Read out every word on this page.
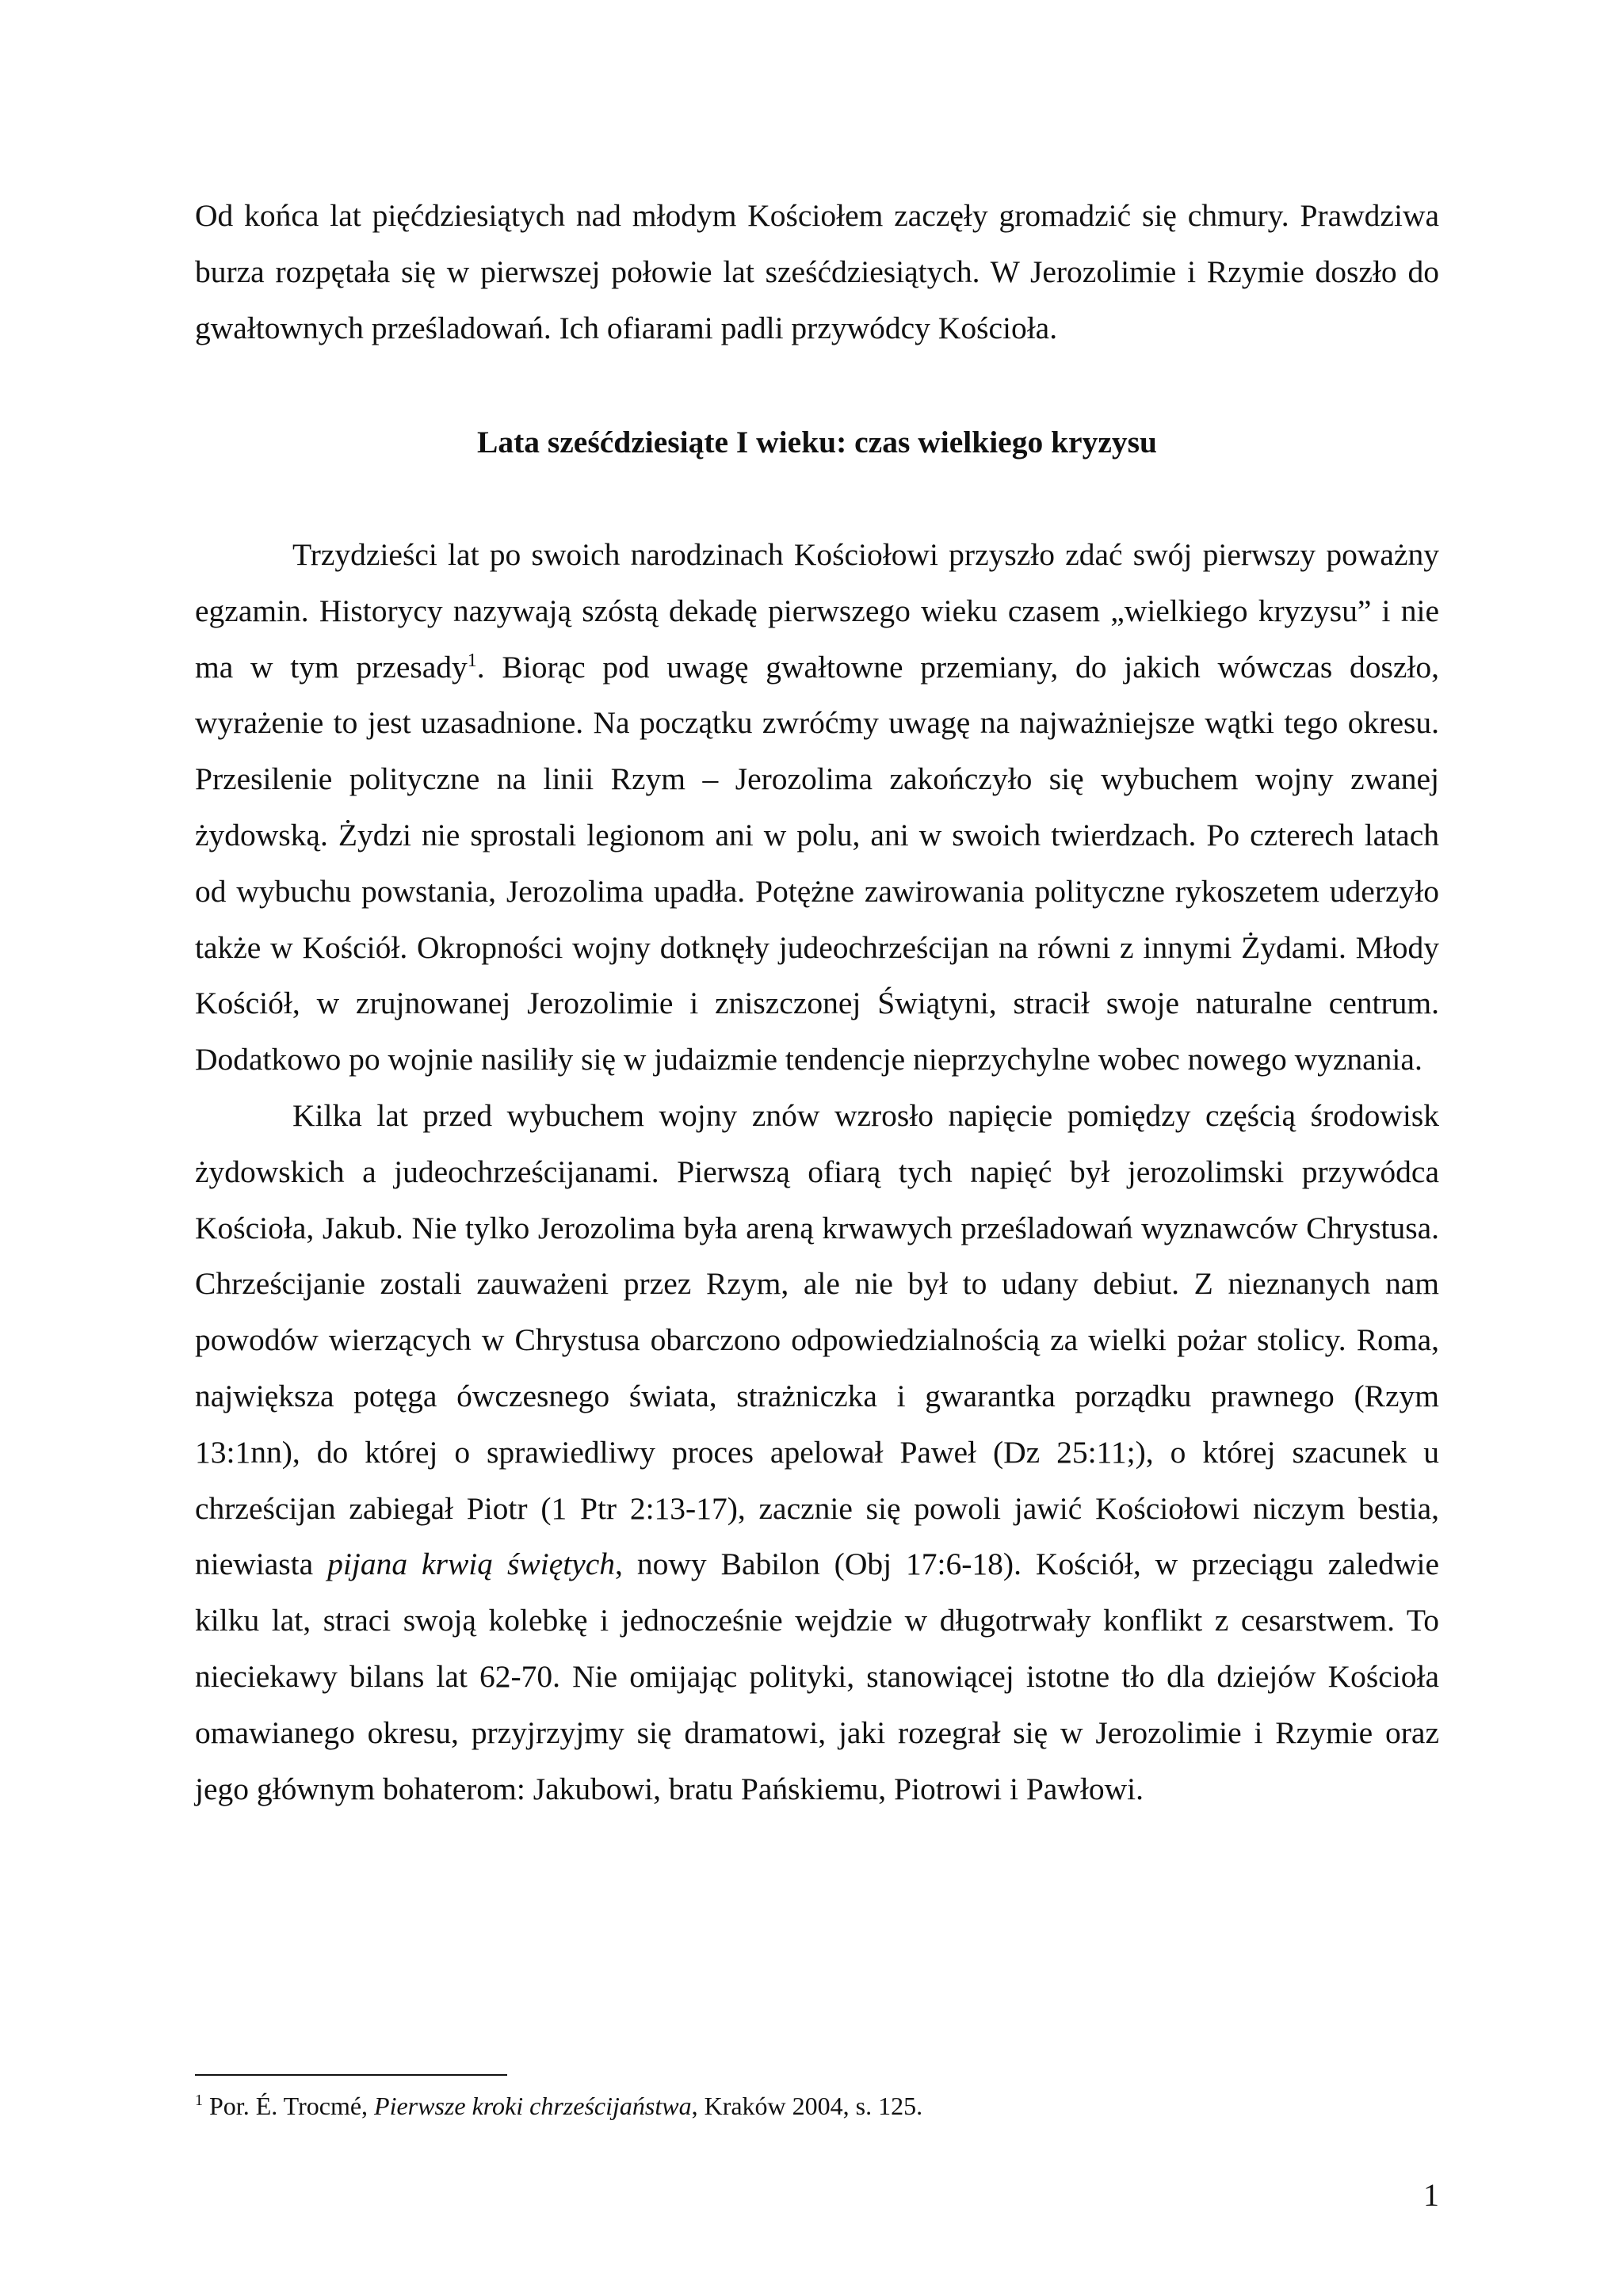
Od końca lat pięćdziesiątych nad młodym Kościołem zaczęły gromadzić się chmury. Prawdziwa burza rozpętała się w pierwszej połowie lat sześćdziesiątych. W Jerozolimie i Rzymie doszło do gwałtownych prześladowań. Ich ofiarami padli przywódcy Kościoła.

Lata sześćdziesiąte I wieku: czas wielkiego kryzysu

Trzydzieści lat po swoich narodzinach Kościołowi przyszło zdać swój pierwszy poważny egzamin. Historycy nazywają szóstą dekadę pierwszego wieku czasem „wielkiego kryzysu” i nie ma w tym przesady$^1$. Biorąc pod uwagę gwałtowne przemiany, do jakich wówczas doszło, wyrażenie to jest uzasadnione. Na początku zwróćmy uwagę na najważniejsze wątki tego okresu. Przesilenie polityczne na linii Rzym – Jerozolima zakończyło się wybuchem wojny zwanej żydowską. Żydzi nie sprostali legionom ani w polu, ani w swoich twierdzach. Po czterech latach od wybuchu powstania, Jerozolima upadła. Potężne zawirowania polityczne rykoszetem uderzyło także w Kościół. Okropności wojny dotknęły judeochrześcijan na równi z innymi Żydami. Młody Kościół, w zrujnowanej Jerozolimie i zniszczonej Świątyni, stracił swoje naturalne centrum. Dodatkowo po wojnie nasiliły się w judaizmie tendencje nieprzychylne wobec nowego wyznania.

Kilka lat przed wybuchem wojny znów wzrosło napięcie pomiędzy częścią środowisk żydowskich a judeochrześcijanami. Pierwszą ofiarą tych napięć był jerozolimski przywódca Kościoła, Jakub. Nie tylko Jerozolima była areną krwawych prześladowań wyznawców Chrystusa. Chrześcijanie zostali zauważeni przez Rzym, ale nie był to udany debiut. Z nieznanych nam powodów wierzących w Chrystusa obarczono odpowiedzialnością za wielki pożar stolicy. Roma, największa potęga ówczesnego świata, strażniczka i gwarantka porządku prawnego (Rzym 13:1nn), do której o sprawiedliwy proces apelował Paweł (Dz 25:11;), o której szacunek u chrześcijan zabiegał Piotr (1 Ptr 2:13-17), zacznie się powoli jawić Kościołowi niczym bestia, niewiasta pijana krwią świętych, nowy Babilon (Obj 17:6-18). Kościół, w przeciągu zaledwie kilku lat, straci swoją kolebkę i jednocześnie wejdzie w długotrwały konflikt z cesarstwem. To nieciekawy bilans lat 62-70. Nie omijając polityki, stanowiącej istotne tło dla dziejów Kościoła omawianego okresu, przyjrzyjmy się dramatowi, jaki rozegrał się w Jerozolimie i Rzymie oraz jego głównym bohaterom: Jakubowi, bratu Pańskiemu, Piotrowi i Pawłowi.

$^1$ Por. É. Trocmé, Pierwsze kroki chrześcijaństwa, Kraków 2004, s. 125.
1
